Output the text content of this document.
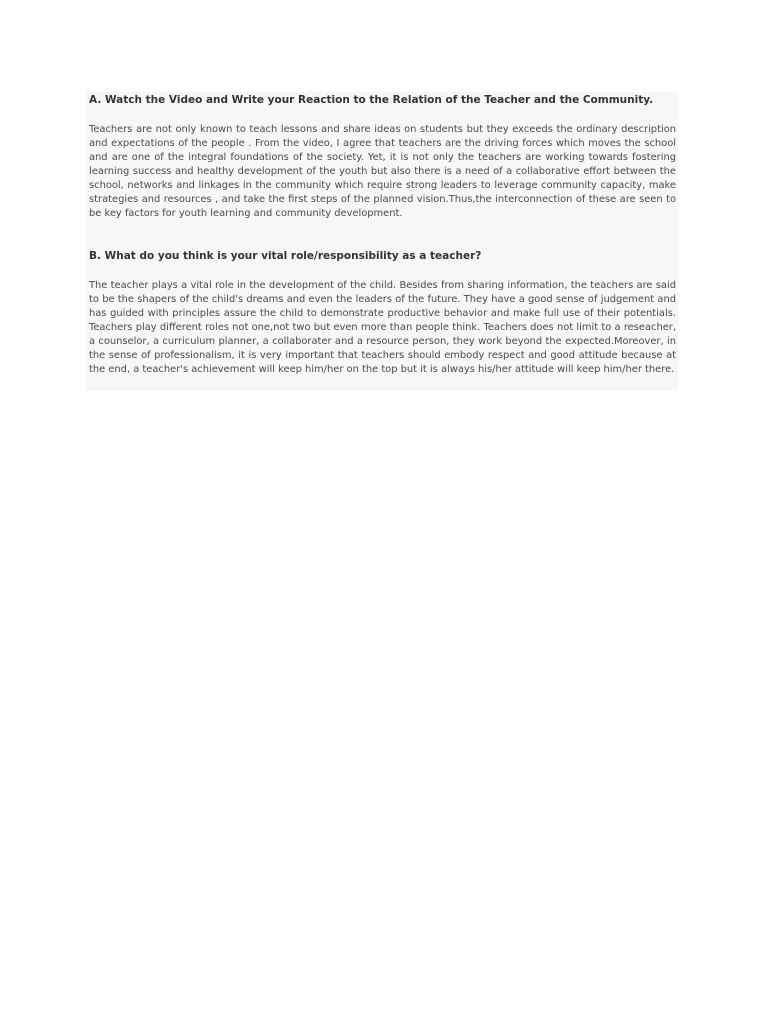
A. Watch the Video and Write your Reaction to the Relation of the Teacher and the Community.

Teachers are not only known to teach lessons and share ideas on students but they exceeds the ordinary description and expectations of the people . From the video, I agree that teachers are the driving forces which moves the school and are one of the integral foundations of the society. Yet, it is not only the teachers are working towards fostering learning success and healthy development of the youth but also there is a need of a collaborative effort between the school, networks and linkages in the community which require strong leaders to leverage community capacity, make strategies and resources , and take the first steps of the planned vision.Thus,the interconnection of these are seen to be key factors for youth learning and community development.

B. What do you think is your vital role/responsibility as a teacher?

The teacher plays a vital role in the development of the child. Besides from sharing information, the teachers are said to be the shapers of the child's dreams and even the leaders of the future. They have a good sense of judgement and has guided with principles assure the child to demonstrate productive behavior and make full use of their potentials. Teachers play different roles not one,not two but even more than people think. Teachers does not limit to a reseacher, a counselor, a curriculum planner, a collaborater and a resource person, they work beyond the expected.Moreover, in the sense of professionalism, it is very important that teachers should embody respect and good attitude because at the end, a teacher's achievement will keep him/her on the top but it is always his/her attitude will keep him/her there.
